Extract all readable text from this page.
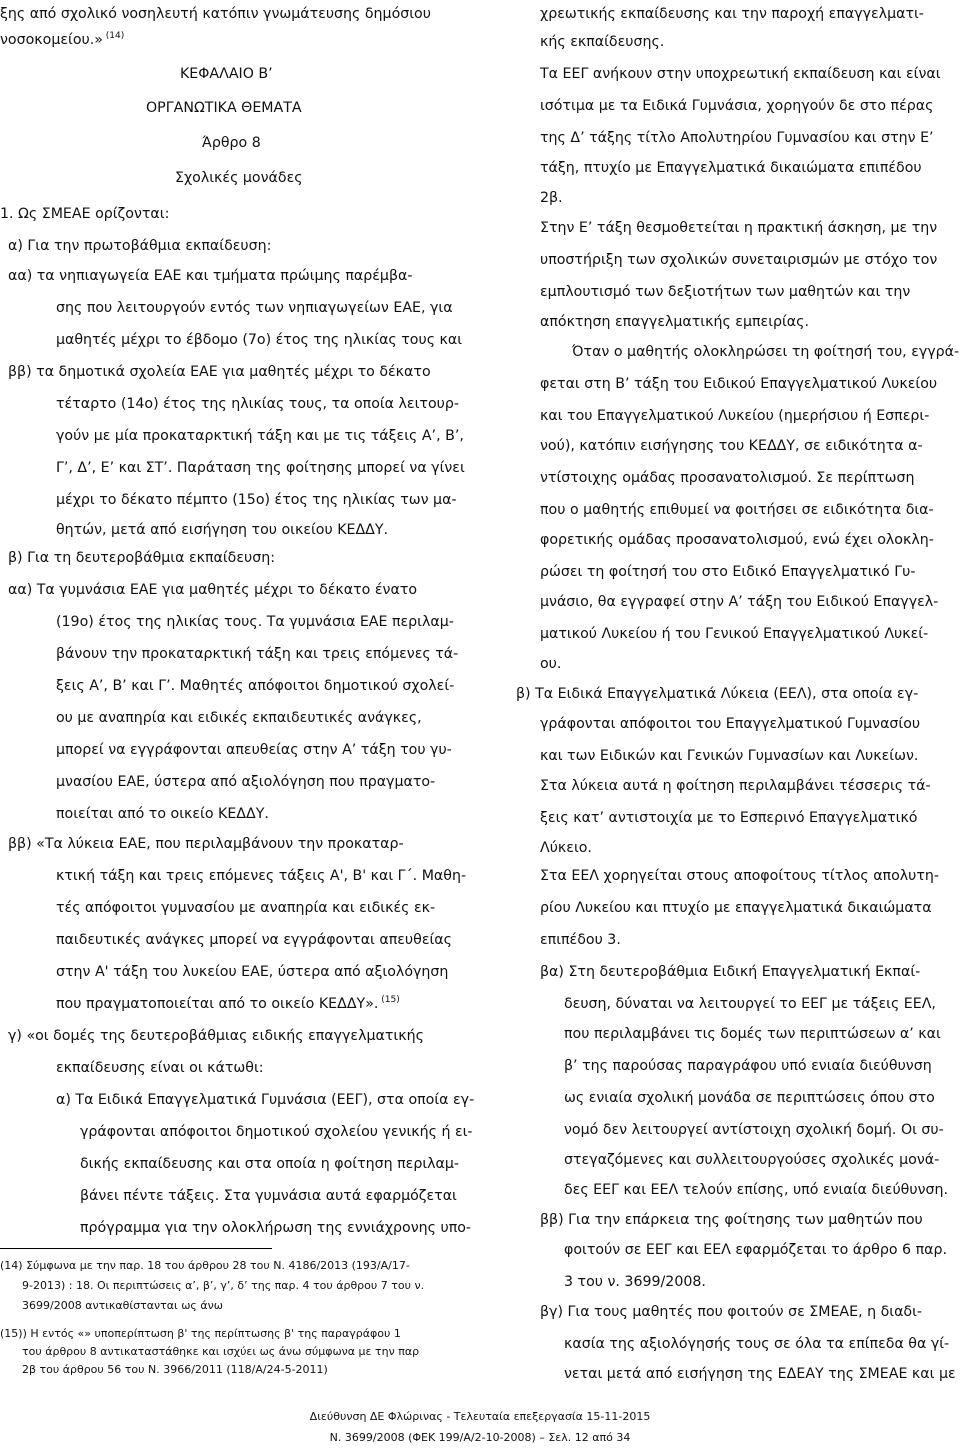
ξης από σχολικό νοσηλευτή κατόπιν γνωμάτευσης δημόσιου
νοσοκομείου.» $^{(14)}$
ΚΕΦΑΛΑΙΟ Β’
ΟΡΓΑΝΩΤΙΚΑ ΘΕΜΑΤΑ
Άρθρο 8
Σχολικές μονάδες
1. Ως ΣΜΕΑΕ ορίζονται:
α) Για την πρωτοβάθμια εκπαίδευση:
αα) τα νηπιαγωγεία ΕΑΕ και τμήματα πρώιμης παρέμβα-
σης που λειτουργούν εντός των νηπιαγωγείων ΕΑΕ, για
μαθητές μέχρι το έβδομο (7ο) έτος της ηλικίας τους και
ββ) τα δημοτικά σχολεία ΕΑΕ για μαθητές μέχρι το δέκατο
τέταρτο (14ο) έτος της ηλικίας τους, τα οποία λειτουρ-
γούν με μία προκαταρκτική τάξη και με τις τάξεις Α’, Β’,
Γ’, Δ’, Ε’ και ΣΤ’. Παράταση της φοίτησης μπορεί να γίνει
μέχρι το δέκατο πέμπτο (15ο) έτος της ηλικίας των μα-
θητών, μετά από εισήγηση του οικείου ΚΕΔΔΥ.
β) Για τη δευτεροβάθμια εκπαίδευση:
αα) Τα γυμνάσια ΕΑΕ για μαθητές μέχρι το δέκατο ένατο
(19ο) έτος της ηλικίας τους. Τα γυμνάσια ΕΑΕ περιλαμ-
βάνουν την προκαταρκτική τάξη και τρεις επόμενες τά-
ξεις Α’, Β’ και Γ’. Μαθητές απόφοιτοι δημοτικού σχολεί-
ου με αναπηρία και ειδικές εκπαιδευτικές ανάγκες,
μπορεί να εγγράφονται απευθείας στην Α’ τάξη του γυ-
μνασίου ΕΑΕ, ύστερα από αξιολόγηση που πραγματο-
ποιείται από το οικείο ΚΕΔΔΥ.
ββ) «Τα λύκεια ΕΑΕ, που περιλαμβάνουν την προκαταρ-
κτική τάξη και τρεις επόμενες τάξεις Α', Β' και Γ΄. Μαθη-
τές απόφοιτοι γυμνασίου με αναπηρία και ειδικές εκ-
παιδευτικές ανάγκες μπορεί να εγγράφονται απευθείας
στην Α' τάξη του λυκείου ΕΑΕ, ύστερα από αξιολόγηση
που πραγματοποιείται από το οικείο ΚΕΔΔΥ». $^{(15)}$
γ) «οι δομές της δευτεροβάθμιας ειδικής επαγγελματικής
εκπαίδευσης είναι οι κάτωθι:
α) Τα Ειδικά Επαγγελματικά Γυμνάσια (ΕΕΓ), στα οποία εγ-
γράφονται απόφοιτοι δημοτικού σχολείου γενικής ή ει-
δικής εκπαίδευσης και στα οποία η φοίτηση περιλαμ-
βάνει πέντε τάξεις. Στα γυμνάσια αυτά εφαρμόζεται
πρόγραμμα για την ολοκλήρωση της εννιάχρονης υπο-
χρεωτικής εκπαίδευσης και την παροχή επαγγελματι-
κής εκπαίδευσης.
Τα ΕΕΓ ανήκουν στην υποχρεωτική εκπαίδευση και είναι
ισότιμα με τα Ειδικά Γυμνάσια, χορηγούν δε στο πέρας
της Δ’ τάξης τίτλο Απολυτηρίου Γυμνασίου και στην Ε’
τάξη, πτυχίο με Επαγγελματικά δικαιώματα επιπέδου
2β.
Στην Ε’ τάξη θεσμοθετείται η πρακτική άσκηση, με την
υποστήριξη των σχολικών συνεταιρισμών με στόχο τον
εμπλουτισμό των δεξιοτήτων των μαθητών και την
απόκτηση επαγγελματικής εμπειρίας.
Όταν ο μαθητής ολοκληρώσει τη φοίτησή του, εγγρά-
φεται στη Β’ τάξη του Ειδικού Επαγγελματικού Λυκείου
και του Επαγγελματικού Λυκείου (ημερήσιου ή Εσπερι-
νού), κατόπιν εισήγησης του ΚΕΔΔΥ, σε ειδικότητα α-
ντίστοιχης ομάδας προσανατολισμού. Σε περίπτωση
που ο μαθητής επιθυμεί να φοιτήσει σε ειδικότητα δια-
φορετικής ομάδας προσανατολισμού, ενώ έχει ολοκλη-
ρώσει τη φοίτησή του στο Ειδικό Επαγγελματικό Γυ-
μνάσιο, θα εγγραφεί στην Α’ τάξη του Ειδικού Επαγγελ-
ματικού Λυκείου ή του Γενικού Επαγγελματικού Λυκεί-
ου.
β) Τα Ειδικά Επαγγελματικά Λύκεια (ΕΕΛ), στα οποία εγ-
γράφονται απόφοιτοι του Επαγγελματικού Γυμνασίου
και των Ειδικών και Γενικών Γυμνασίων και Λυκείων.
Στα λύκεια αυτά η φοίτηση περιλαμβάνει τέσσερις τά-
ξεις κατ’ αντιστοιχία με το Εσπερινό Επαγγελματικό
Λύκειο.
Στα ΕΕΛ χορηγείται στους αποφοίτους τίτλος απολυτη-
ρίου Λυκείου και πτυχίο με επαγγελματικά δικαιώματα
επιπέδου 3.
βα) Στη δευτεροβάθμια Ειδική Επαγγελματική Εκπαί-
δευση, δύναται να λειτουργεί το ΕΕΓ με τάξεις ΕΕΛ,
που περιλαμβάνει τις δομές των περιπτώσεων α’ και
β’ της παρούσας παραγράφου υπό ενιαία διεύθυνση
ως ενιαία σχολική μονάδα σε περιπτώσεις όπου στο
νομό δεν λειτουργεί αντίστοιχη σχολική δομή. Οι συ-
στεγαζόμενες και συλλειτουργούσες σχολικές μονά-
δες ΕΕΓ και ΕΕΛ τελούν επίσης, υπό ενιαία διεύθυνση.
ββ) Για την επάρκεια της φοίτησης των μαθητών που
φοιτούν σε ΕΕΓ και ΕΕΛ εφαρμόζεται το άρθρο 6 παρ.
3 του ν. 3699/2008.
βγ) Για τους μαθητές που φοιτούν σε ΣΜΕΑΕ, η διαδι-
κασία της αξιολόγησής τους σε όλα τα επίπεδα θα γί-
νεται μετά από εισήγηση της ΕΔΕΑΥ της ΣΜΕΑΕ και με
(14) Σύμφωνα με την παρ. 18 του άρθρου 28 του Ν. 4186/2013 (193/Α/17-
9-2013) : 18. Οι περιπτώσεις α’, β’, γ’, δ’ της παρ. 4 του άρθρου 7 του ν.
3699/2008 αντικαθίστανται ως άνω
(15)) Η εντός «» υποπερίπτωση β' της περίπτωσης β' της παραγράφου 1
του άρθρου 8 αντικαταστάθηκε και ισχύει ως άνω σύμφωνα με την παρ
2β του άρθρου 56 του Ν. 3966/2011 (118/Α/24-5-2011)
Διεύθυνση ΔΕ Φλώρινας - Τελευταία επεξεργασία 15-11-2015
Ν. 3699/2008 (ΦΕΚ 199/Α/2-10-2008) – Σελ. 12 από 34
